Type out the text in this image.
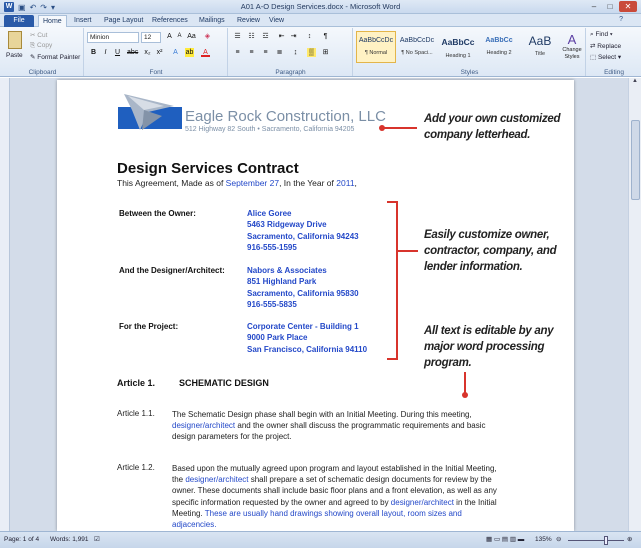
W ▣ ↶ ↷ ▾	A01 A-O Design Services.docx - Microsoft Word	–	□	✕
File	Home	Insert	Page Layout	References	Mailings	Review	View	?
Paste
✂ Cut
⎘ Copy
✎ Format Painter
Clipboard
Minion	12	A A Aa ◈
B	I	U abc x₂ x²	A	ab	A
Font
☰ ☷ ☲ ⇤ ⇥	↕	¶
≡	≡	≡	≣	↨	▒ ⊞
Paragraph
AaBbCcDc
¶ Normal
AaBbCcDc
¶ No Spaci...
AaBbCc
Heading 1
AaBbCc
Heading 2
AaB
Title
A
Change Styles
Styles
⌕ Find ▾
⇄ Replace
⬚ Select ▾
Editing
▲
Eagle Rock Construction, LLC
512 Highway 82 South • Sacramento, California 94205
Design Services Contract
This Agreement, Made as of September 27, In the Year of 2011,
Between the Owner:	Alice Goree
5463 Ridgeway Drive
Sacramento, California 94243
916-555-1595
And the Designer/Architect:	Nabors & Associates
851 Highland Park
Sacramento, California 95830
916-555-5835
For the Project:	Corporate Center - Building 1
9000 Park Place
San Francisco, California 94110
Article 1.	SCHEMATIC DESIGN
Article 1.1. The Schematic Design phase shall begin with an Initial Meeting. During this meeting, designer/architect and the owner shall discuss the programmatic requirements and basic design parameters for the project.
Article 1.2. Based upon the mutually agreed upon program and layout established in the Initial Meeting, the designer/architect shall prepare a set of schematic design documents for review by the owner. These documents shall include basic floor plans and a front elevation, as well as any specific information requested by the owner and agreed to by designer/architect in the Initial Meeting. These are usually hand drawings showing overall layout, room sizes and adjacencies.
Add your own customized company letterhead.
Easily customize owner, contractor, company, and lender information.
All text is editable by any major word processing program.
Page: 1 of 4 Words: 1,991 ☑	▦ ▭ ▤ ▥ ▬ 135% ⊖	⊕
